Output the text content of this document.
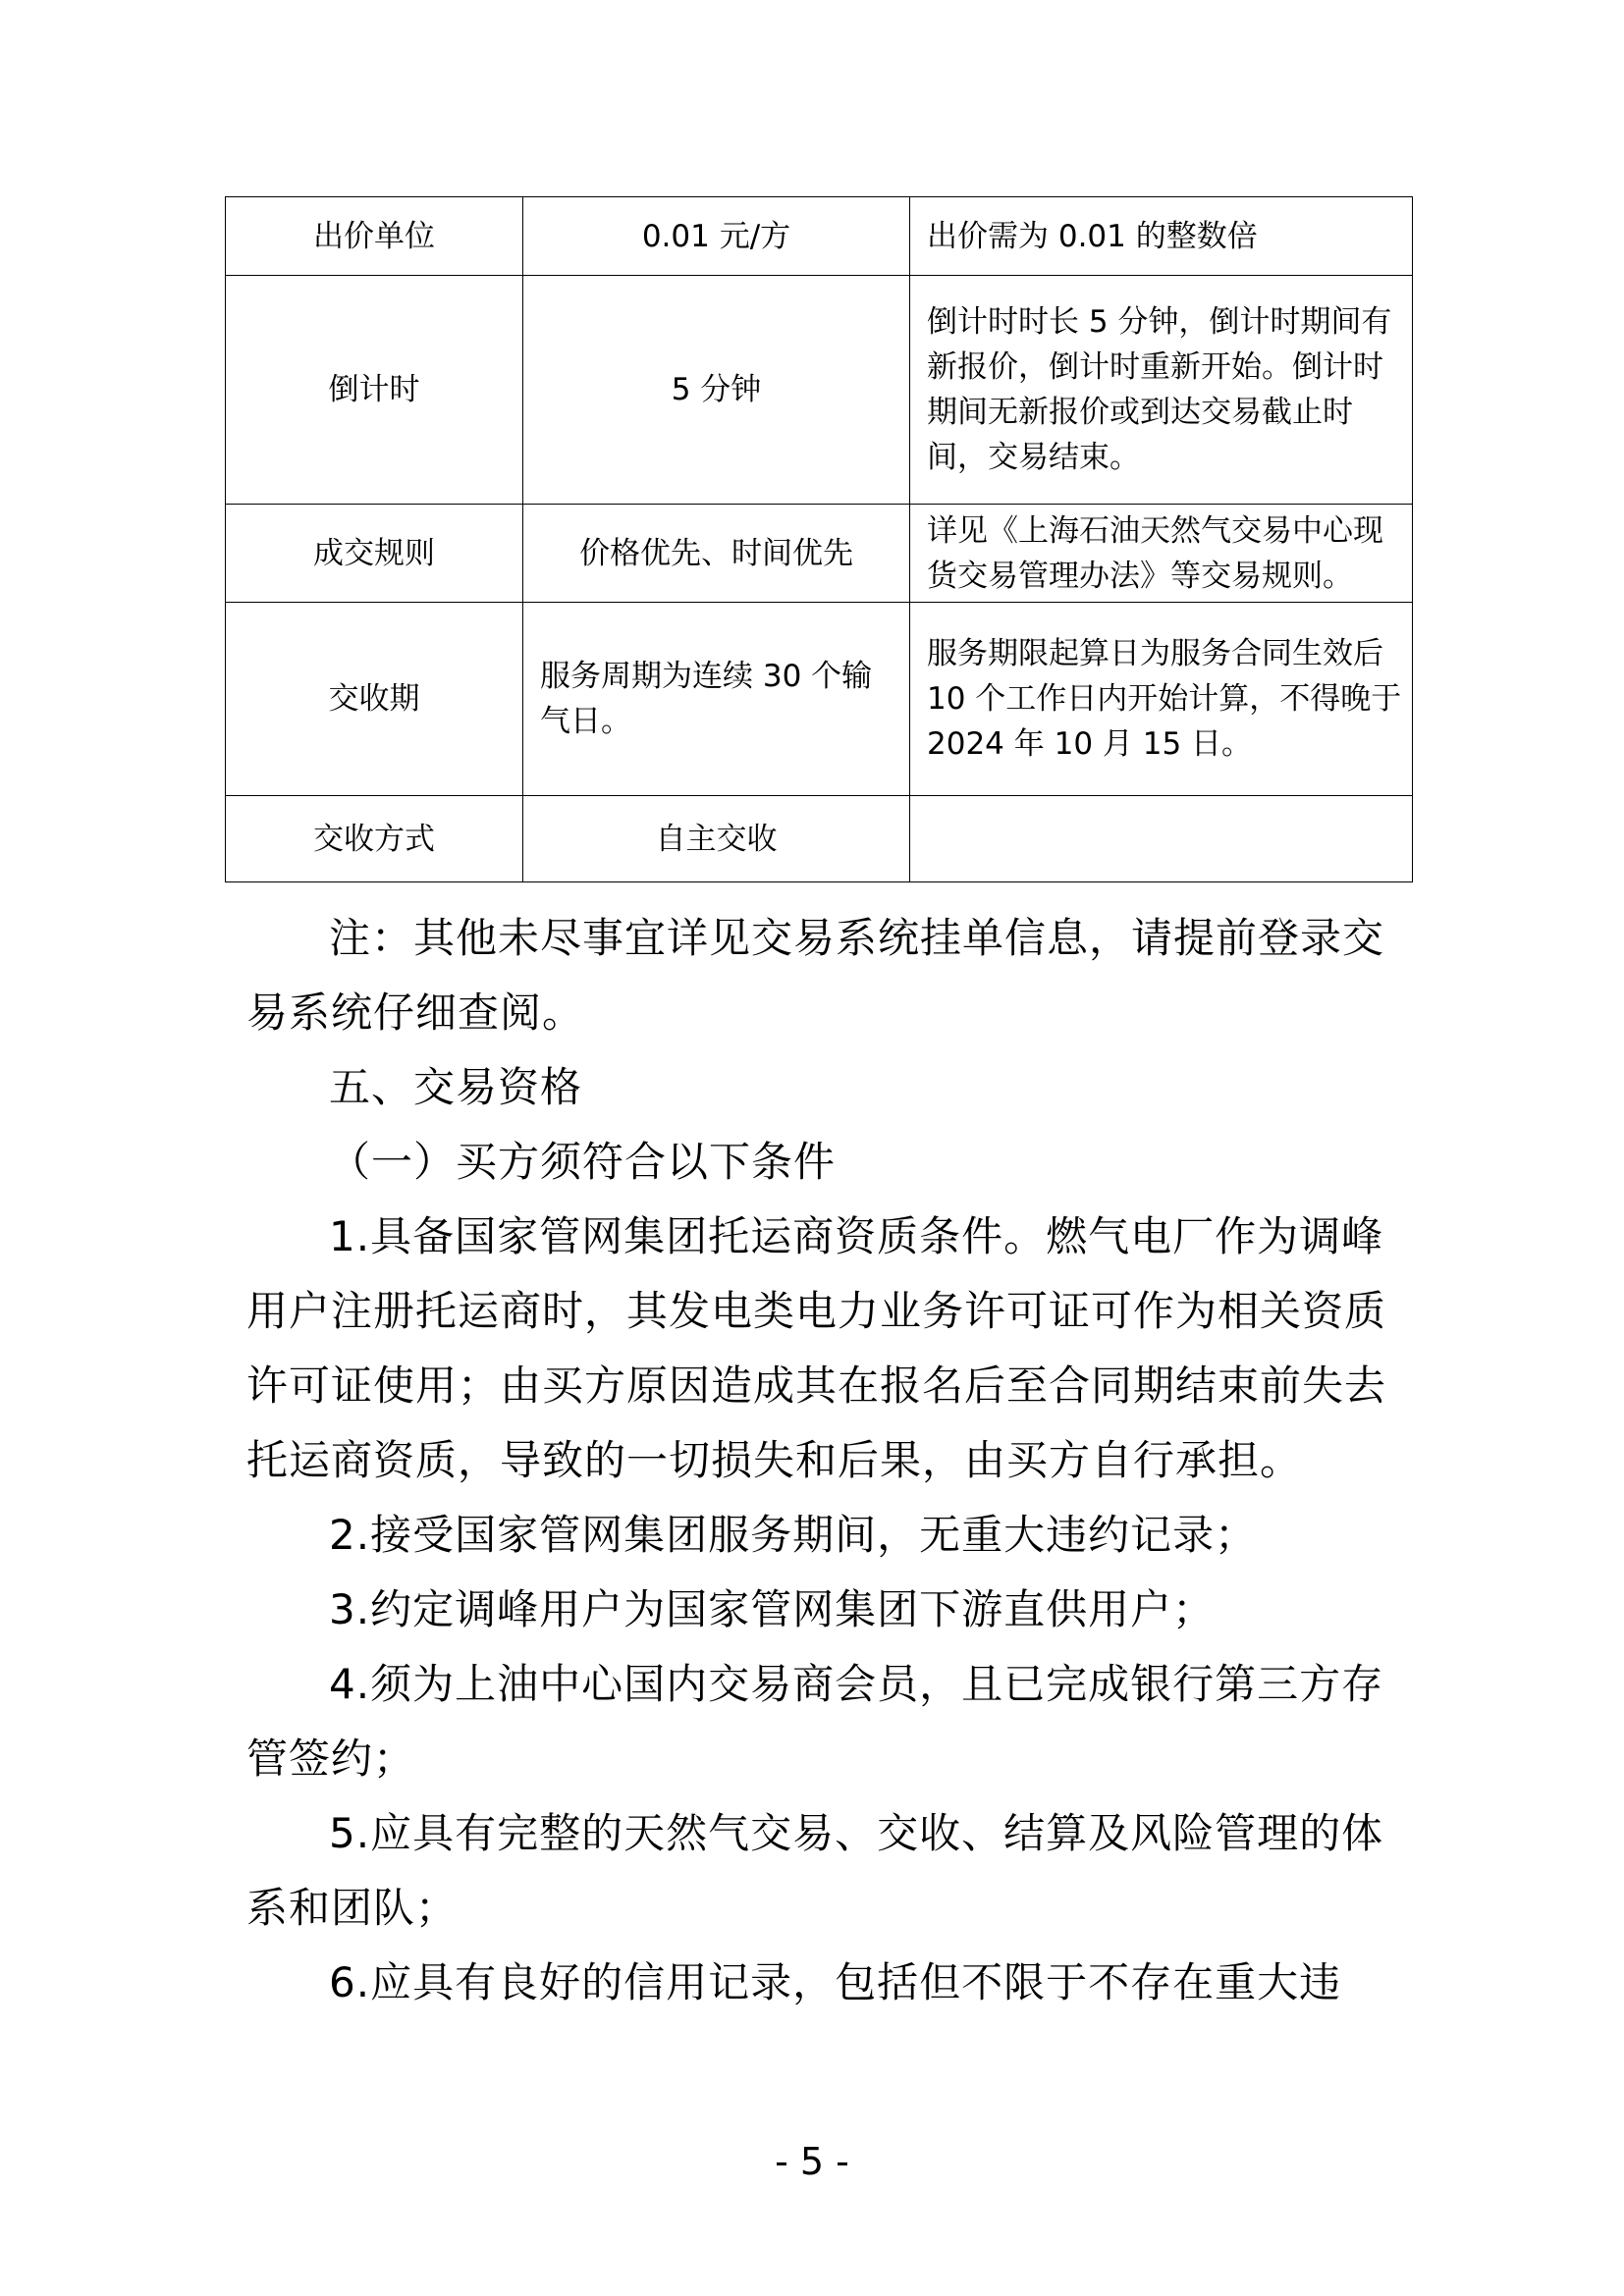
出价单位	0.01 元/方	出价需为 0.01 的整数倍
倒计时	5 分钟	倒计时时长 5 分钟，倒计时期间有新报价，倒计时重新开始。倒计时期间无新报价或到达交易截止时间，交易结束。
成交规则	价格优先、时间优先	详见《上海石油天然气交易中心现货交易管理办法》等交易规则。
交收期	服务周期为连续 30 个输气日。	服务期限起算日为服务合同生效后 10 个工作日内开始计算，不得晚于 2024 年 10 月 15 日。
交收方式	自主交收	

注：其他未尽事宜详见交易系统挂单信息，请提前登录交易系统仔细查阅。

五、交易资格

（一）买方须符合以下条件

1.具备国家管网集团托运商资质条件。燃气电厂作为调峰用户注册托运商时，其发电类电力业务许可证可作为相关资质许可证使用；由买方原因造成其在报名后至合同期结束前失去托运商资质，导致的一切损失和后果，由买方自行承担。

2.接受国家管网集团服务期间，无重大违约记录；

3.约定调峰用户为国家管网集团下游直供用户；

4.须为上油中心国内交易商会员，且已完成银行第三方存管签约；

5.应具有完整的天然气交易、交收、结算及风险管理的体系和团队；

6.应具有良好的信用记录，包括但不限于不存在重大违

- 5 -
